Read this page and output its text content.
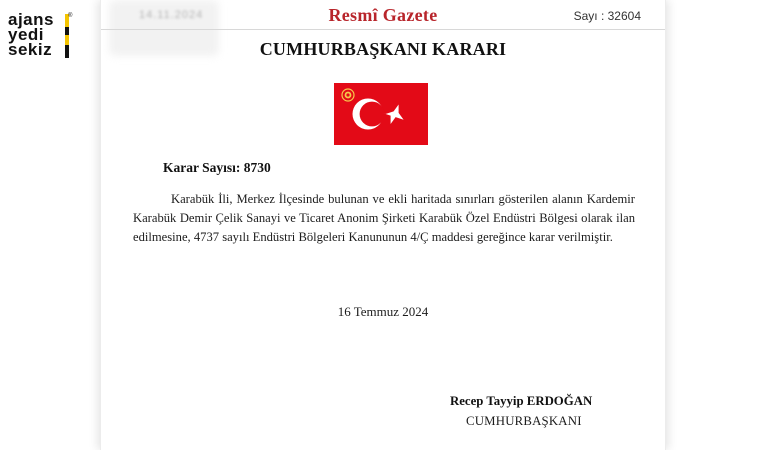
ajans
yedi
sekiz
®	14.11.2024	Resmî Gazete	Sayı : 32604
CUMHURBAŞKANI KARARI
Karar Sayısı: 8730
Karabük İli, Merkez İlçesinde bulunan ve ekli haritada sınırları gösterilen alanın Kardemir Karabük Demir Çelik Sanayi ve Ticaret Anonim Şirketi Karabük Özel Endüstri Bölgesi olarak ilan edilmesine, 4737 sayılı Endüstri Bölgeleri Kanununun 4/Ç maddesi gereğince karar verilmiştir.
16 Temmuz 2024
Recep Tayyip ERDOĞAN
CUMHURBAŞKANI
